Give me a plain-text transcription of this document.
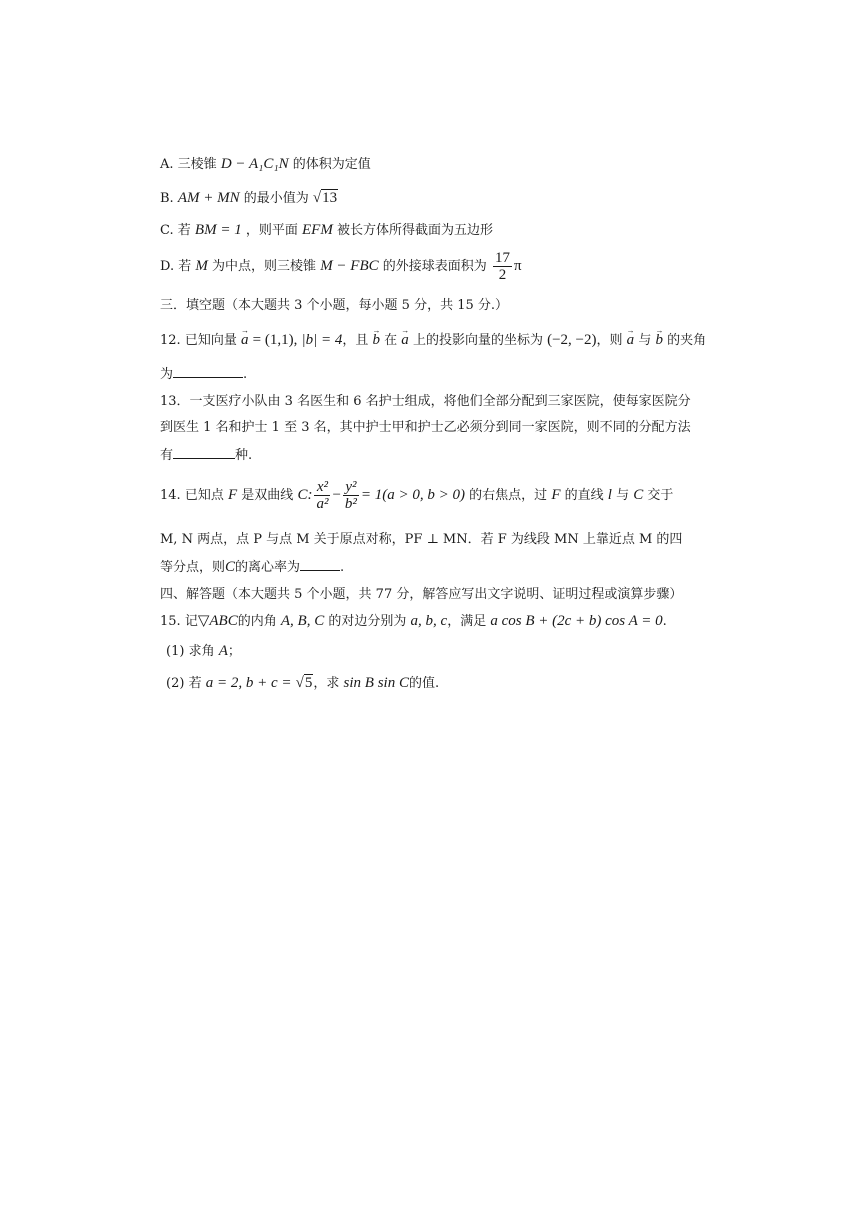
A. 三棱锥 D − A₁C₁N 的体积为定值
B. AM + MN 的最小值为 √13
C. 若 BM = 1 ，则平面 EFM 被长方体所得截面为五边形
D. 若 M 为中点，则三棱锥 M − FBC 的外接球表面积为 $\frac{17}{2}$ π
三．填空题（本大题共 3 个小题，每小题 5 分，共 15 分.）
12. 已知向量 → a = (1,1), |b| = 4，且 → b 在 → a 上的投影向量的坐标为 (−2, −2)，则 → a 与 → b 的夹角
为	.
13．一支医疗小队由 3 名医生和 6 名护士组成，将他们全部分配到三家医院，使每家医院分
到医生 1 名和护士 1 至 3 名，其中护士甲和护士乙必须分到同一家医院，则不同的分配方法
有	种.
14. 已知点 F 是双曲线 C: $\frac{\text{x²}}{\text{a²}} - \frac{\text{y²}}{\text{b²}} = 1(a > 0$, b > 0) 的右焦点，过 F 的直线 l 与 C 交于
M, N 两点，点 P 与点 M 关于原点对称，PF ⊥ MN．若 F 为线段 MN 上靠近点 M 的四
等分点，则C的离心率为	.
四、解答题（本大题共 5 个小题，共 77 分，解答应写出文字说明、证明过程或演算步骤）
15. 记▽ABC的内角 A, B, C 的对边分别为 a, b, c，满足 a cos B + (2c + b) cos A = 0.
(1) 求角 A；
(2) 若 a = 2, b + c = √5，求 sin B sin C的值.
